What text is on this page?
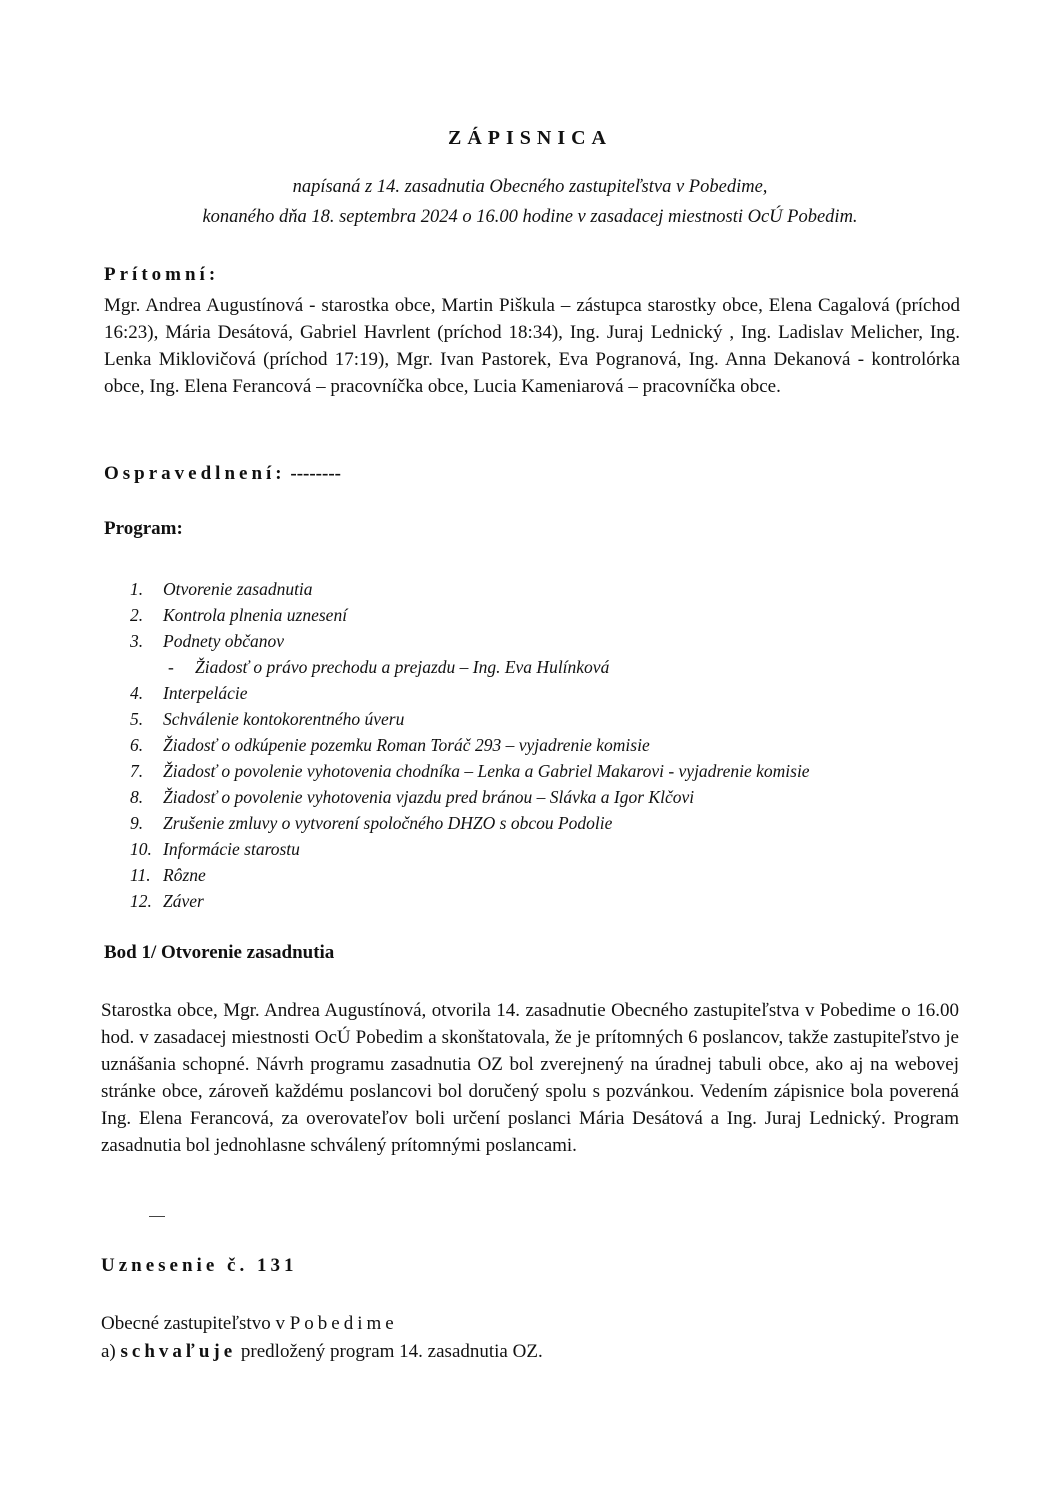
ZÁPISNICA
napísaná z 14. zasadnutia Obecného zastupiteľstva v Pobedime,
konaného dňa 18. septembra 2024 o 16.00 hodine v zasadacej miestnosti OcÚ Pobedim.
Prítomní:
Mgr. Andrea Augustínová - starostka obce, Martin Piškula – zástupca starostky obce, Elena Cagalová (príchod 16:23), Mária Desátová, Gabriel Havrlent (príchod 18:34), Ing. Juraj Lednický , Ing. Ladislav Melicher, Ing. Lenka Miklovičová (príchod 17:19), Mgr. Ivan Pastorek, Eva Pogranová, Ing. Anna Dekanová - kontrolórka obce, Ing. Elena Ferancová – pracovníčka obce, Lucia Kameniarová – pracovníčka obce.
Ospravedlnení: --------
Program:
1. Otvorenie zasadnutia
2. Kontrola plnenia uznesení
3. Podnety občanov
- Žiadosť o právo prechodu a prejazdu – Ing. Eva Hulínková
4. Interpelácie
5. Schválenie kontokorentného úveru
6. Žiadosť o odkúpenie pozemku Roman Toráč 293 – vyjadrenie komisie
7. Žiadosť o povolenie vyhotovenia chodníka – Lenka a Gabriel Makarovi - vyjadrenie komisie
8. Žiadosť o povolenie vyhotovenia vjazdu pred bránou – Slávka a Igor Klčovi
9. Zrušenie zmluvy o vytvorení spoločného DHZO s obcou Podolie
10. Informácie starostu
11. Rôzne
12. Záver
Bod 1/ Otvorenie zasadnutia
Starostka obce, Mgr. Andrea Augustínová, otvorila 14. zasadnutie Obecného zastupiteľstva v Pobedime o 16.00 hod. v zasadacej miestnosti OcÚ Pobedim a skonštatovala, že je prítomných 6 poslancov, takže zastupiteľstvo je uznášania schopné. Návrh programu zasadnutia OZ bol zverejnený na úradnej tabuli obce, ako aj na webovej stránke obce, zároveň každému poslancovi bol doručený spolu s pozvánkou. Vedením zápisnice bola poverená Ing. Elena Ferancová, za overovateľov boli určení poslanci Mária Desátová a Ing. Juraj Lednický. Program zasadnutia bol jednohlasne schválený prítomnými poslancami.
Uznesenie č. 131
Obecné zastupiteľstvo v Pobedime
a) schvaľuje predložený program 14. zasadnutia OZ.
